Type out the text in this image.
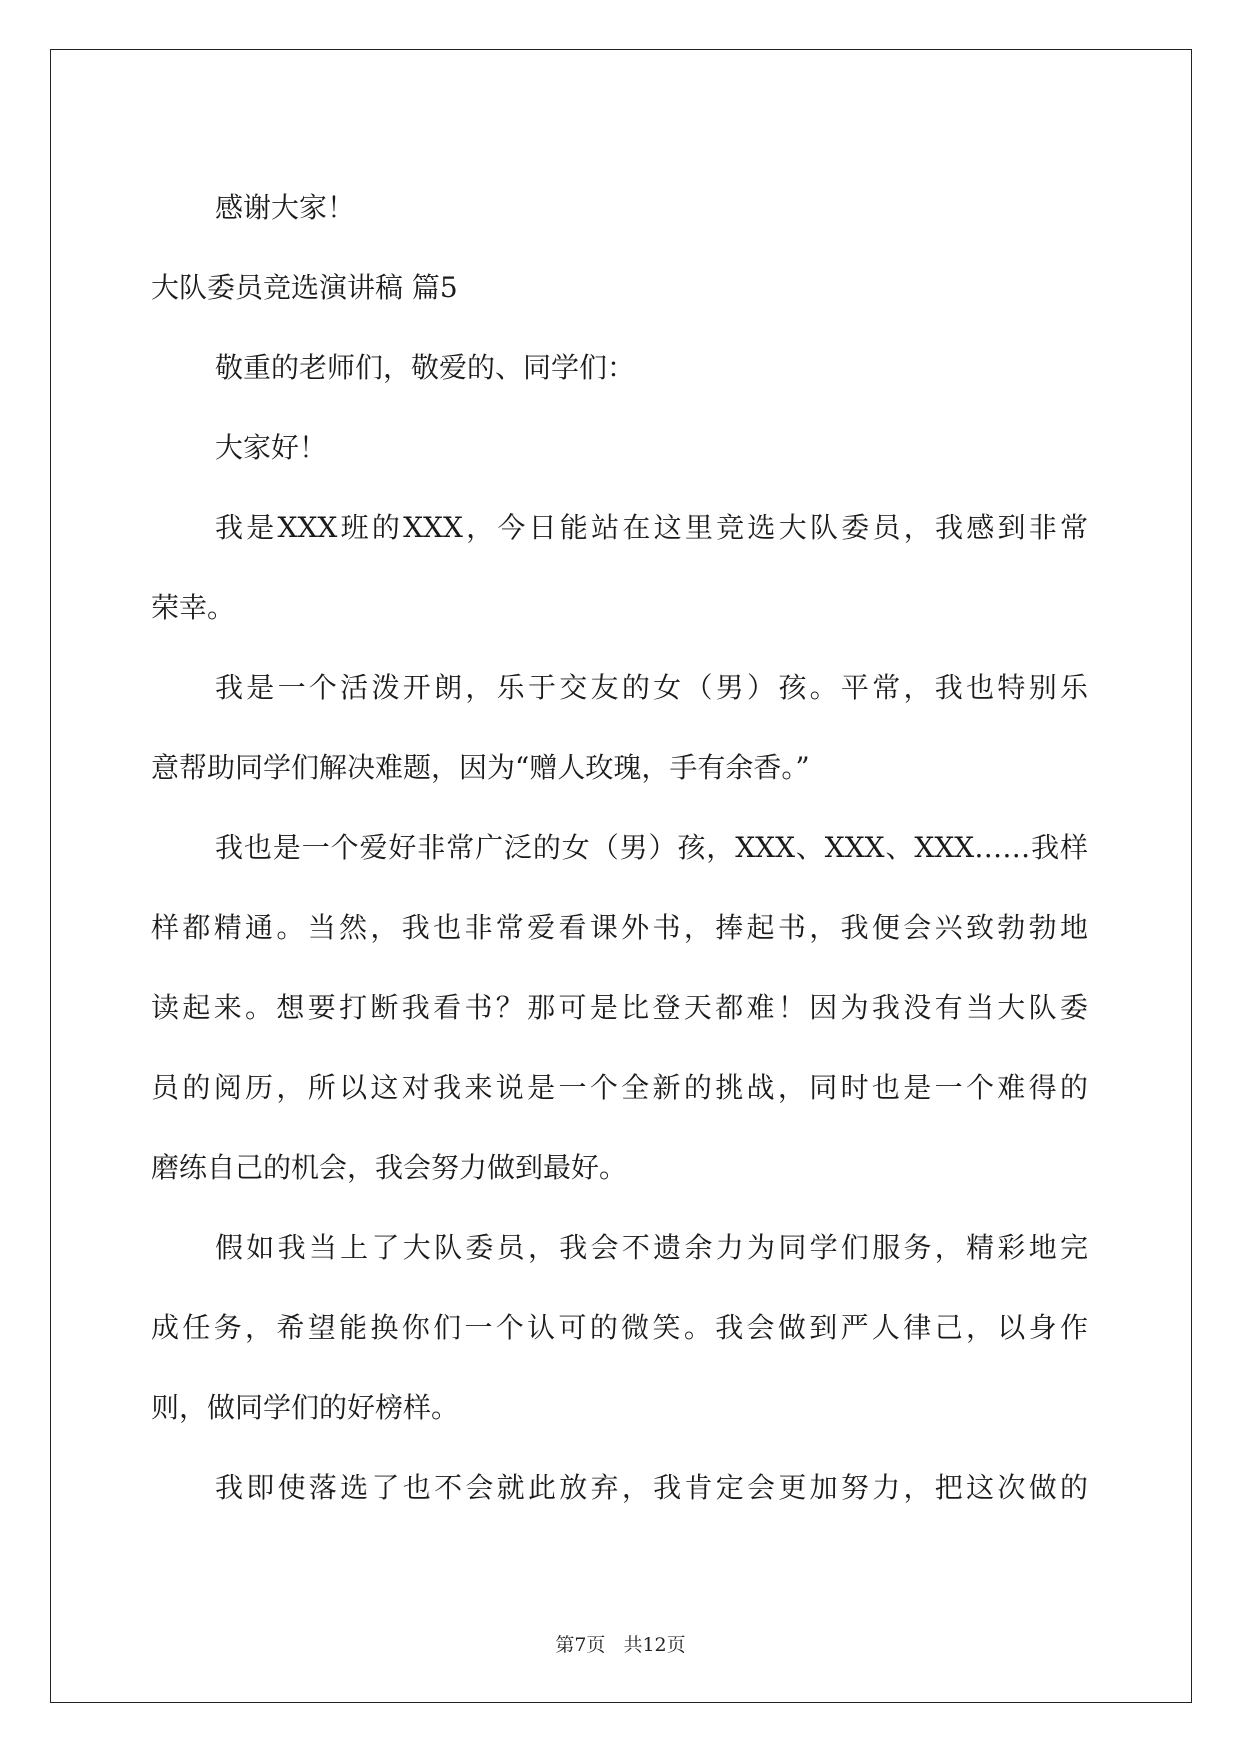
感谢大家！
大队委员竞选演讲稿 篇5
敬重的老师们，敬爱的、同学们：
大家好！
我是XXX班的XXX，今日能站在这里竞选大队委员，我感到非常
荣幸。
我是一个活泼开朗，乐于交友的女（男）孩。平常，我也特别乐
意帮助同学们解决难题，因为“赠人玫瑰，手有余香。”
我也是一个爱好非常广泛的女（男）孩，XXX、XXX、XXX……我样
样都精通。当然，我也非常爱看课外书，捧起书，我便会兴致勃勃地
读起来。想要打断我看书？那可是比登天都难！因为我没有当大队委
员的阅历，所以这对我来说是一个全新的挑战，同时也是一个难得的
磨练自己的机会，我会努力做到最好。
假如我当上了大队委员，我会不遗余力为同学们服务，精彩地完
成任务，希望能换你们一个认可的微笑。我会做到严人律己，以身作
则，做同学们的好榜样。
我即使落选了也不会就此放弃，我肯定会更加努力，把这次做的
第7页 共12页
